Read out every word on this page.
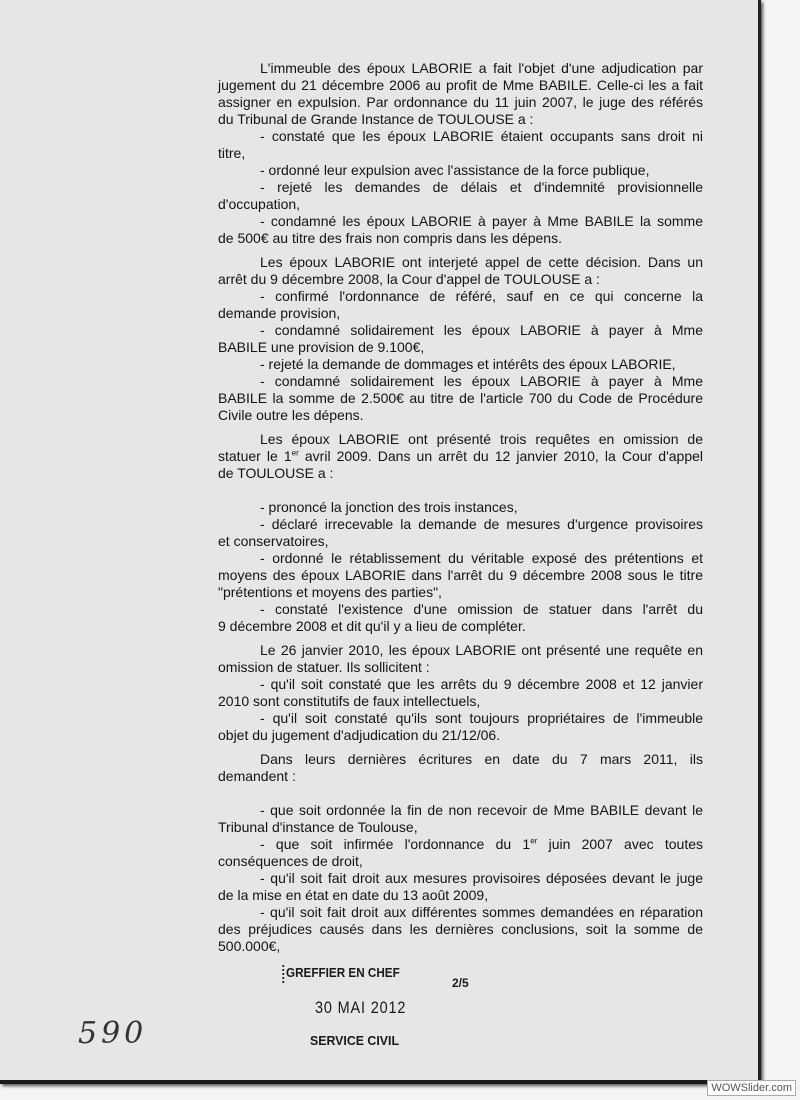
L'immeuble des époux LABORIE a fait l'objet d'une adjudication par
jugement du 21 décembre 2006 au profit de Mme BABILE. Celle-ci les a fait
assigner en expulsion. Par ordonnance du 11 juin 2007, le juge des référés
du Tribunal de Grande Instance de TOULOUSE a :
- constaté que les époux LABORIE étaient occupants sans droit ni
titre,
- ordonné leur expulsion avec l'assistance de la force publique,
- rejeté les demandes de délais et d'indemnité provisionnelle
d'occupation,
- condamné les époux LABORIE à payer à Mme BABILE la somme
de 500€ au titre des frais non compris dans les dépens.
Les époux LABORIE ont interjeté appel de cette décision. Dans un
arrêt du 9 décembre 2008, la Cour d'appel de TOULOUSE a :
- confirmé l'ordonnance de référé, sauf en ce qui concerne la
demande provision,
- condamné solidairement les époux LABORIE à payer à Mme
BABILE une provision de 9.100€,
- rejeté la demande de dommages et intérêts des époux LABORIE,
- condamné solidairement les époux LABORIE à payer à Mme
BABILE la somme de 2.500€ au titre de l'article 700 du Code de Procédure
Civile outre les dépens.
Les époux LABORIE ont présenté trois requêtes en omission de
statuer le 1er avril 2009. Dans un arrêt du 12 janvier 2010, la Cour d'appel
de TOULOUSE a :
- prononcé la jonction des trois instances,
- déclaré irrecevable la demande de mesures d'urgence provisoires
et conservatoires,
- ordonné le rétablissement du véritable exposé des prétentions et
moyens des époux LABORIE dans l'arrêt du 9 décembre 2008 sous le titre
"prétentions et moyens des parties",
- constaté l'existence d'une omission de statuer dans l'arrêt du
9 décembre 2008 et dit qu'il y a lieu de compléter.
Le 26 janvier 2010, les époux LABORIE ont présenté une requête en
omission de statuer. Ils sollicitent :
- qu'il soit constaté que les arrêts du 9 décembre 2008 et 12 janvier
2010 sont constitutifs de faux intellectuels,
- qu'il soit constaté qu'ils sont toujours propriétaires de l'immeuble
objet du jugement d'adjudication du 21/12/06.
Dans leurs dernières écritures en date du 7 mars 2011, ils
demandent :
- que soit ordonnée la fin de non recevoir de Mme BABILE devant le
Tribunal d'instance de Toulouse,
- que soit infirmée l'ordonnance du 1er juin 2007 avec toutes
conséquences de droit,
- qu'il soit fait droit aux mesures provisoires déposées devant le juge
de la mise en état en date du 13 août 2009,
- qu'il soit fait droit aux différentes sommes demandées en réparation
des préjudices causés dans les dernières conclusions, soit la somme de
500.000€,
GREFFIER EN CHEF
2/5
30 MAI 2012
SERVICE CIVIL
590
WOWSlider.com
